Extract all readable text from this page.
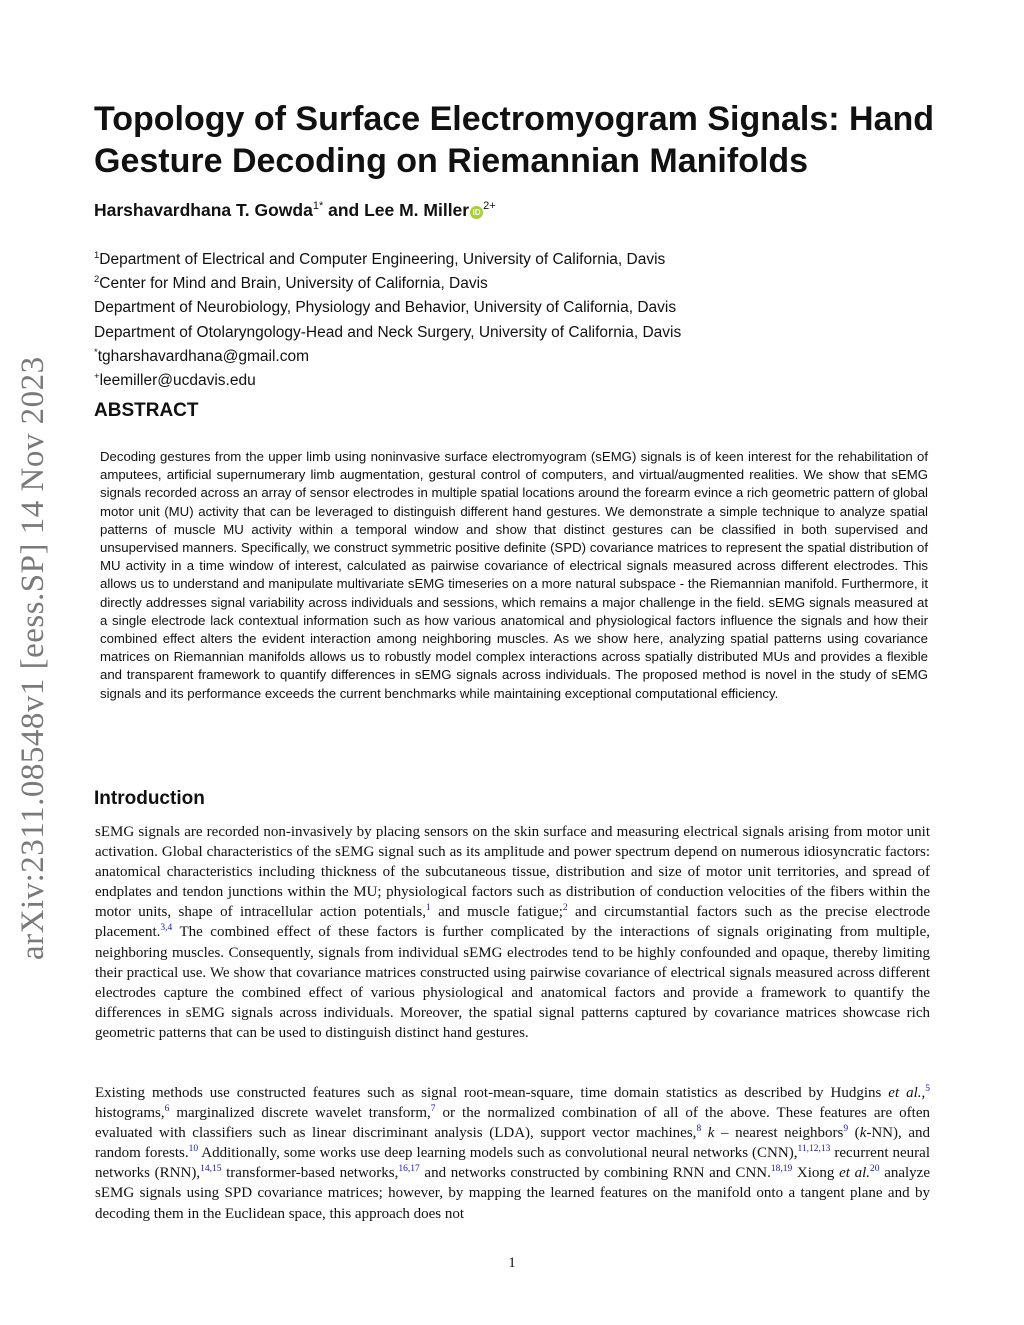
arXiv:2311.08548v1 [eess.SP] 14 Nov 2023
Topology of Surface Electromyogram Signals: Hand Gesture Decoding on Riemannian Manifolds
Harshavardhana T. Gowda$^{1*}$ and Lee M. Miller $iD^{2+}$
$^1$Department of Electrical and Computer Engineering, University of California, Davis
$^2$Center for Mind and Brain, University of California, Davis
Department of Neurobiology, Physiology and Behavior, University of California, Davis
Department of Otolaryngology-Head and Neck Surgery, University of California, Davis
*tgharshavardhana@gmail.com
+leemiller@ucdavis.edu
ABSTRACT
Decoding gestures from the upper limb using noninvasive surface electromyogram (sEMG) signals is of keen interest for the rehabilitation of amputees, artificial supernumerary limb augmentation, gestural control of computers, and virtual/augmented realities. We show that sEMG signals recorded across an array of sensor electrodes in multiple spatial locations around the forearm evince a rich geometric pattern of global motor unit (MU) activity that can be leveraged to distinguish different hand gestures. We demonstrate a simple technique to analyze spatial patterns of muscle MU activity within a temporal window and show that distinct gestures can be classified in both supervised and unsupervised manners. Specifically, we construct symmetric positive definite (SPD) covariance matrices to represent the spatial distribution of MU activity in a time window of interest, calculated as pairwise covariance of electrical signals measured across different electrodes. This allows us to understand and manipulate multivariate sEMG timeseries on a more natural subspace - the Riemannian manifold. Furthermore, it directly addresses signal variability across individuals and sessions, which remains a major challenge in the field. sEMG signals measured at a single electrode lack contextual information such as how various anatomical and physiological factors influence the signals and how their combined effect alters the evident interaction among neighboring muscles. As we show here, analyzing spatial patterns using covariance matrices on Riemannian manifolds allows us to robustly model complex interactions across spatially distributed MUs and provides a flexible and transparent framework to quantify differences in sEMG signals across individuals. The proposed method is novel in the study of sEMG signals and its performance exceeds the current benchmarks while maintaining exceptional computational efficiency.
Introduction
sEMG signals are recorded non-invasively by placing sensors on the skin surface and measuring electrical signals arising from motor unit activation. Global characteristics of the sEMG signal such as its amplitude and power spectrum depend on numerous idiosyncratic factors: anatomical characteristics including thickness of the subcutaneous tissue, distribution and size of motor unit territories, and spread of endplates and tendon junctions within the MU; physiological factors such as distribution of conduction velocities of the fibers within the motor units, shape of intracellular action potentials,$^1$ and muscle fatigue;$^2$ and circumstantial factors such as the precise electrode placement.$^{3,4}$ The combined effect of these factors is further complicated by the interactions of signals originating from multiple, neighboring muscles. Consequently, signals from individual sEMG electrodes tend to be highly confounded and opaque, thereby limiting their practical use. We show that covariance matrices constructed using pairwise covariance of electrical signals measured across different electrodes capture the combined effect of various physiological and anatomical factors and provide a framework to quantify the differences in sEMG signals across individuals. Moreover, the spatial signal patterns captured by covariance matrices showcase rich geometric patterns that can be used to distinguish distinct hand gestures.
Existing methods use constructed features such as signal root-mean-square, time domain statistics as described by Hudgins et al.,$^5$ histograms,$^6$ marginalized discrete wavelet transform,$^7$ or the normalized combination of all of the above. These features are often evaluated with classifiers such as linear discriminant analysis (LDA), support vector machines,$^8$ k – nearest neighbors$^9$ (k-NN), and random forests.$^{10}$ Additionally, some works use deep learning models such as convolutional neural networks (CNN),$^{11,12,13}$ recurrent neural networks (RNN),$^{14,15}$ transformer-based networks,$^{16,17}$ and networks constructed by combining RNN and CNN.$^{18,19}$ Xiong et al.$^{20}$ analyze sEMG signals using SPD covariance matrices; however, by mapping the learned features on the manifold onto a tangent plane and by decoding them in the Euclidean space, this approach does not
1
